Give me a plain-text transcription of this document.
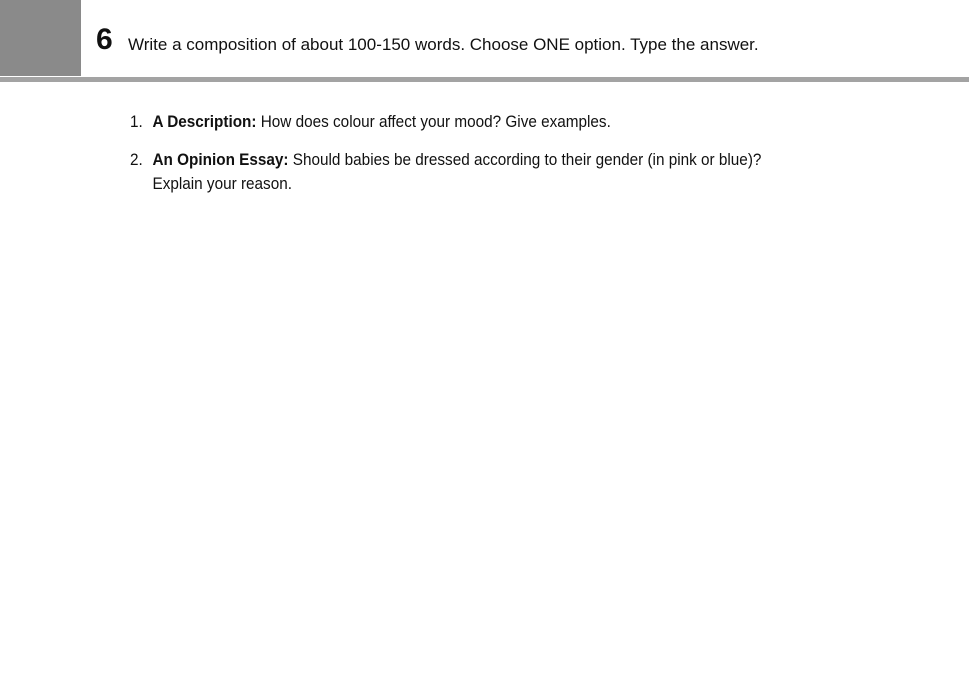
6 Write a composition of about 100-150 words. Choose ONE option. Type the answer.
1. A Description: How does colour affect your mood? Give examples.
2. An Opinion Essay: Should babies be dressed according to their gender (in pink or blue)? Explain your reason.
